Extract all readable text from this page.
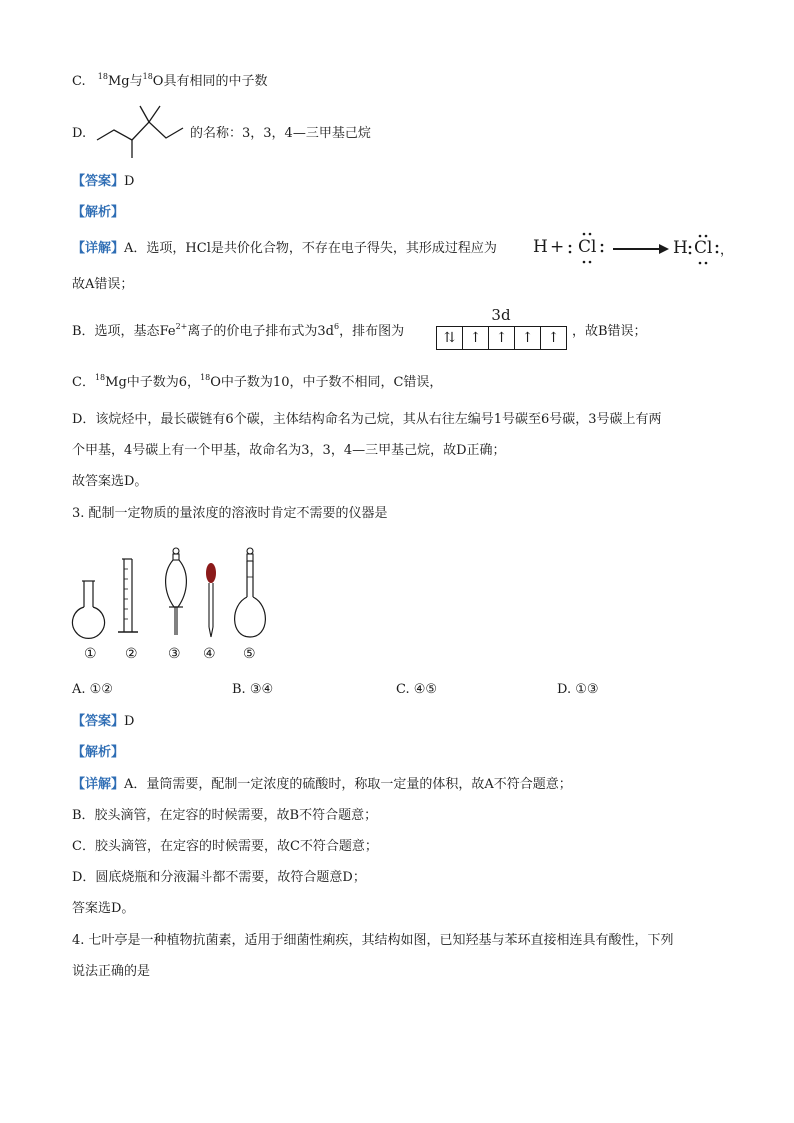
C. $^{18}$Mg与$^{18}$O具有相同的中子数
D.	的名称：3，3，4—三甲基己烷
【答案】D
【解析】
【详解】A．选项，HCl是共价化合物，不存在电子得失，其形成过程应为 H + Cl	H Cl ，
故A错误；
B．选项，基态$Fe^{2+}$离子的价电子排布式为$3d^6$，排布图为
3d
⇅	↑	↑	↑	↑ ，故B错误；
C．$^{18}$Mg中子数为6，$^{18}$O中子数为10，中子数不相同，C错误，
D．该烷烃中，最长碳链有6个碳，主体结构命名为己烷，其从右往左编号1号碳至6号碳，3号碳上有两
个甲基，4号碳上有一个甲基，故命名为3，3，4—三甲基己烷，故D正确；
故答案选D。
3. 配制一定物质的量浓度的溶液时肯定不需要的仪器是
① ② ③ ④ ⑤
A. ①②	B. ③④	C. ④⑤	D. ①③
【答案】D
【解析】
【详解】A．量筒需要，配制一定浓度的硫酸时，称取一定量的体积，故A不符合题意；
B．胶头滴管，在定容的时候需要，故B不符合题意；
C．胶头滴管，在定容的时候需要，故C不符合题意；
D．圆底烧瓶和分液漏斗都不需要，故符合题意D；
答案选D。
4. 七叶亭是一种植物抗菌素，适用于细菌性痢疾，其结构如图，已知羟基与苯环直接相连具有酸性，下列
说法正确的是
